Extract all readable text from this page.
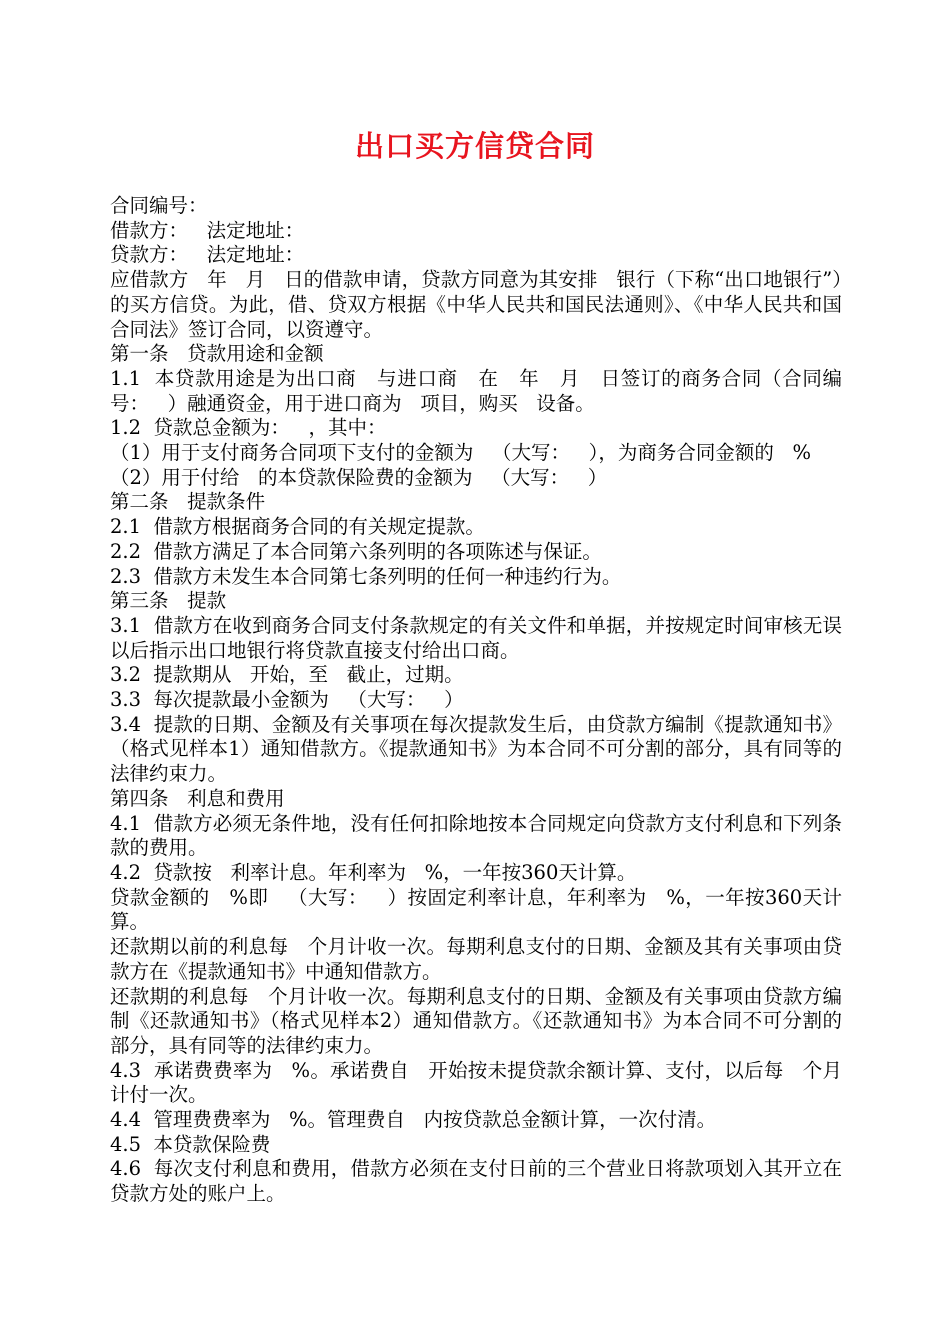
出口买方信贷合同

合同编号：

借款方：   法定地址：

贷款方：   法定地址：

应借款方   年   月   日的借款申请，贷款方同意为其安排   银行（下称“出口地银行”）的买方信贷。为此，借、贷双方根据《中华人民共和国民法通则》、《中华人民共和国合同法》签订合同，以资遵守。

第一条   贷款用途和金额

1.1  本贷款用途是为出口商   与进口商   在   年   月   日签订的商务合同（合同编号：   ）融通资金，用于进口商为   项目，购买   设备。

1.2  贷款总金额为：   ，其中：

（1）用于支付商务合同项下支付的金额为   （大写：   ），为商务合同金额的   %

（2）用于付给   的本贷款保险费的金额为   （大写：   ）

第二条   提款条件

2.1  借款方根据商务合同的有关规定提款。

2.2  借款方满足了本合同第六条列明的各项陈述与保证。

2.3  借款方未发生本合同第七条列明的任何一种违约行为。

第三条   提款

3.1  借款方在收到商务合同支付条款规定的有关文件和单据，并按规定时间审核无误以后指示出口地银行将贷款直接支付给出口商。

3.2  提款期从   开始，至   截止，过期。

3.3  每次提款最小金额为   （大写：   ）

3.4  提款的日期、金额及有关事项在每次提款发生后，由贷款方编制《提款通知书》（格式见样本1）通知借款方。《提款通知书》为本合同不可分割的部分，具有同等的法律约束力。

第四条   利息和费用

4.1  借款方必须无条件地，没有任何扣除地按本合同规定向贷款方支付利息和下列条款的费用。

4.2  贷款按   利率计息。年利率为   %，一年按360天计算。

贷款金额的   %即   （大写：   ）按固定利率计息，年利率为   %，一年按360天计算。

还款期以前的利息每   个月计收一次。每期利息支付的日期、金额及其有关事项由贷款方在《提款通知书》中通知借款方。

还款期的利息每   个月计收一次。每期利息支付的日期、金额及有关事项由贷款方编制《还款通知书》（格式见样本2）通知借款方。《还款通知书》为本合同不可分割的部分，具有同等的法律约束力。

4.3  承诺费费率为   %。承诺费自   开始按未提贷款余额计算、支付，以后每   个月计付一次。

4.4  管理费费率为   %。管理费自   内按贷款总金额计算，一次付清。

4.5  本贷款保险费

4.6  每次支付利息和费用，借款方必须在支付日前的三个营业日将款项划入其开立在贷款方处的账户上。
